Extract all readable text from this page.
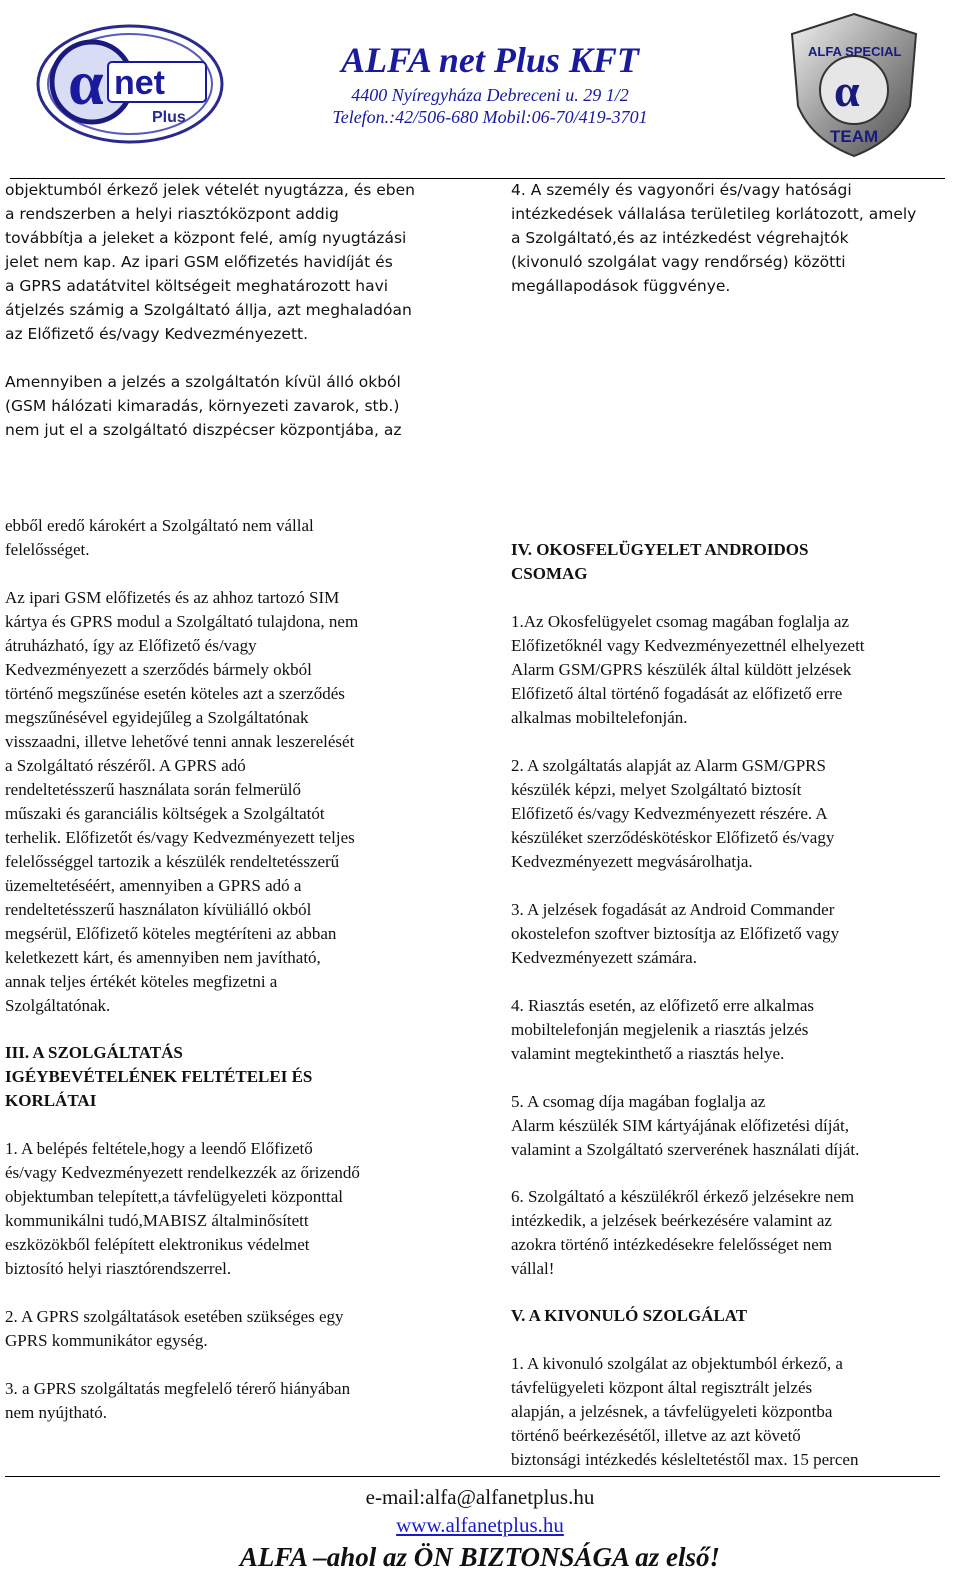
α net
Plus
ALFA net Plus KFT
4400 Nyíregyháza Debreceni u. 29 1/2
Telefon.:42/506-680 Mobil:06-70/419-3701
α
ALFA SPECIAL
TEAM

objektumból érkező jelek vételét nyugtázza, és eben
a rendszerben a helyi riasztóközpont addig
továbbítja a jeleket a központ felé, amíg nyugtázási
jelet nem kap. Az ipari GSM előfizetés havidíját és
a GPRS adatátvitel költségeit meghatározott havi
átjelzés számig a Szolgáltató állja, azt meghaladóan
az Előfizető és/vagy Kedvezményezett.

Amennyiben a jelzés a szolgáltatón kívül álló okból
(GSM hálózati kimaradás, környezeti zavarok, stb.)
nem jut el a szolgáltató diszpécser központjába, az

4. A személy és vagyonőri és/vagy hatósági
intézkedések vállalása területileg korlátozott, amely
a Szolgáltató,és az intézkedést végrehajtók
(kivonuló szolgálat vagy rendőrség) közötti
megállapodások függvénye.

ebből eredő károkért a Szolgáltató nem vállal
felelősséget.

Az ipari GSM előfizetés és az ahhoz tartozó SIM
kártya és GPRS modul a Szolgáltató tulajdona, nem
átruházható, így az Előfizető és/vagy
Kedvezményezett a szerződés bármely okból
történő megszűnése esetén köteles azt a szerződés
megszűnésével egyidejűleg a Szolgáltatónak
visszaadni, illetve lehetővé tenni annak leszerelését
a Szolgáltató részéről. A GPRS adó
rendeltetésszerű használata során felmerülő
műszaki és garanciális költségek a Szolgáltatót
terhelik. Előfizetőt és/vagy Kedvezményezett teljes
felelősséggel tartozik a készülék rendeltetésszerű
üzemeltetéséért, amennyiben a GPRS adó a
rendeltetésszerű használaton kívüliálló okból
megsérül, Előfizető köteles megtéríteni az abban
keletkezett kárt, és amennyiben nem javítható,
annak teljes értékét köteles megfizetni a
Szolgáltatónak.

III. A SZOLGÁLTATÁS
IGÉYBEVÉTELÉNEK FELTÉTELEI ÉS
KORLÁTAI

1. A belépés feltétele,hogy a leendő Előfizető
és/vagy Kedvezményezett rendelkezzék az őrizendő
objektumban telepített,a távfelügyeleti központtal
kommunikálni tudó,MABISZ általminősített
eszközökből felépített elektronikus védelmet
biztosító helyi riasztórendszerrel.

2. A GPRS szolgáltatások esetében szükséges egy
GPRS kommunikátor egység.

3. a GPRS szolgáltatás megfelelő térerő hiányában
nem nyújtható.

IV. OKOSFELÜGYELET ANDROIDOS
CSOMAG

1.Az Okosfelügyelet csomag magában foglalja az
Előfizetőknél vagy Kedvezményezettnél elhelyezett
Alarm GSM/GPRS készülék által küldött jelzések
Előfizető által történő fogadását az előfizető erre
alkalmas mobiltelefonján.

2. A szolgáltatás alapját az Alarm GSM/GPRS
készülék képzi, melyet Szolgáltató biztosít
Előfizető és/vagy Kedvezményezett részére. A
készüléket szerződéskötéskor Előfizető és/vagy
Kedvezményezett megvásárolhatja.

3. A jelzések fogadását az Android Commander
okostelefon szoftver biztosítja az Előfizető vagy
Kedvezményezett számára.

4. Riasztás esetén, az előfizető erre alkalmas
mobiltelefonján megjelenik a riasztás jelzés
valamint megtekinthető a riasztás helye.

5. A csomag díja magában foglalja az
Alarm készülék SIM kártyájának előfizetési díját,
valamint a Szolgáltató szerverének használati díját.

6. Szolgáltató a készülékről érkező jelzésekre nem
intézkedik, a jelzések beérkezésére valamint az
azokra történő intézkedésekre felelősséget nem
vállal!

V. A KIVONULÓ SZOLGÁLAT

1. A kivonuló szolgálat az objektumból érkező, a
távfelügyeleti központ által regisztrált jelzés
alapján, a jelzésnek, a távfelügyeleti központba
történő beérkezésétől, illetve az azt követő
biztonsági intézkedés késleltetéstől max. 15 percen

e-mail:alfa@alfanetplus.hu
www.alfanetplus.hu
ALFA –ahol az ÖN BIZTONSÁGA az első!
